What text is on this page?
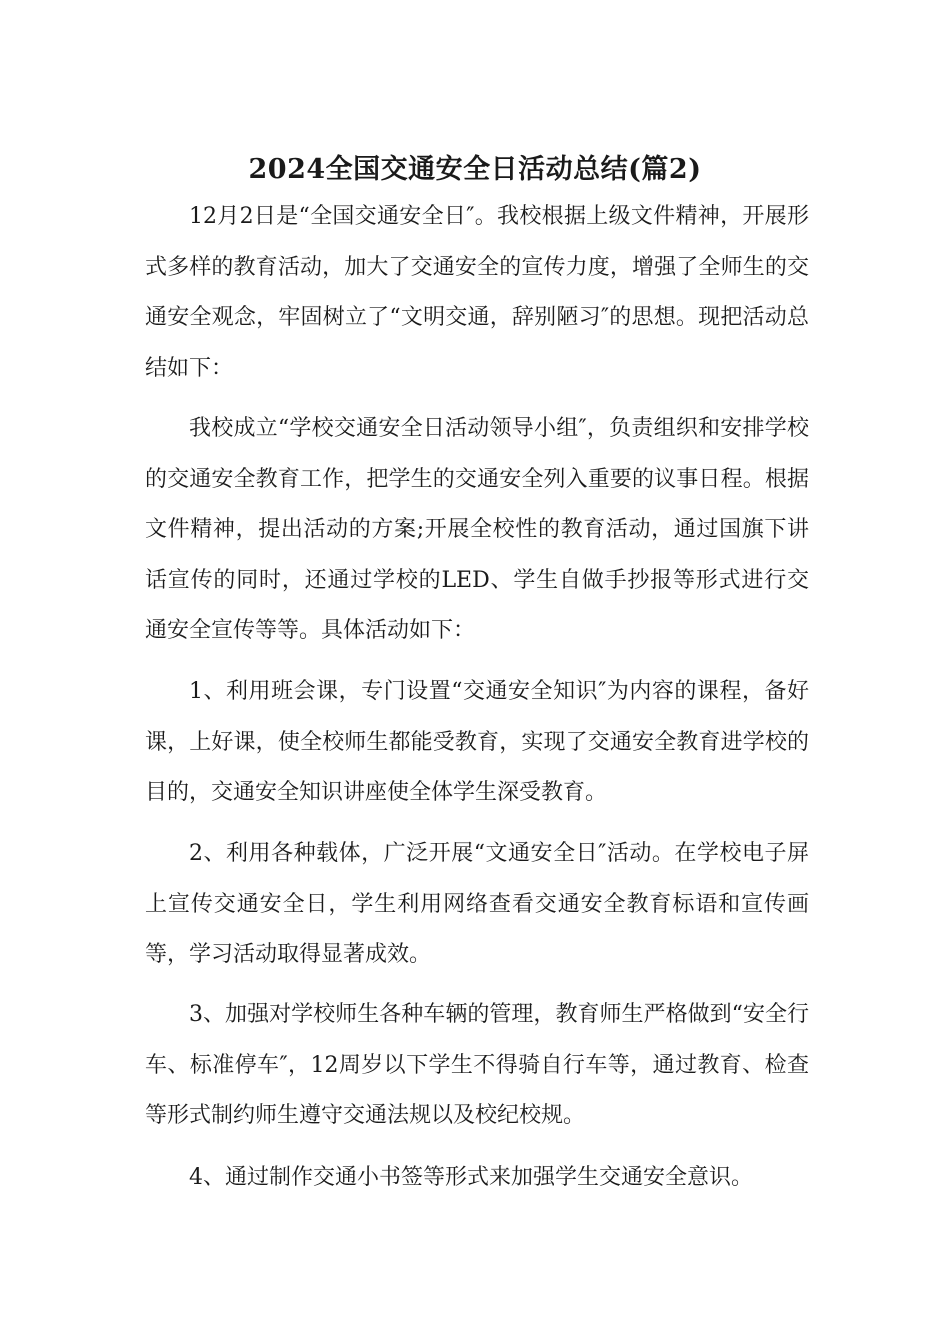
2024全国交通安全日活动总结(篇2)

12月2日是“全国交通安全日″。我校根据上级文件精神，开展形式多样的教育活动，加大了交通安全的宣传力度，增强了全师生的交通安全观念，牢固树立了“文明交通，辞别陋习″的思想。现把活动总结如下：

我校成立“学校交通安全日活动领导小组″，负责组织和安排学校的交通安全教育工作，把学生的交通安全列入重要的议事日程。根据文件精神，提出活动的方案;开展全校性的教育活动，通过国旗下讲话宣传的同时，还通过学校的LED、学生自做手抄报等形式进行交通安全宣传等等。具体活动如下：

1、利用班会课，专门设置“交通安全知识″为内容的课程，备好课，上好课，使全校师生都能受教育，实现了交通安全教育进学校的目的，交通安全知识讲座使全体学生深受教育。

2、利用各种载体，广泛开展“文通安全日″活动。在学校电子屏上宣传交通安全日，学生利用网络查看交通安全教育标语和宣传画等，学习活动取得显著成效。

3、加强对学校师生各种车辆的管理，教育师生严格做到“安全行车、标准停车″，12周岁以下学生不得骑自行车等，通过教育、检查等形式制约师生遵守交通法规以及校纪校规。

4、通过制作交通小书签等形式来加强学生交通安全意识。
